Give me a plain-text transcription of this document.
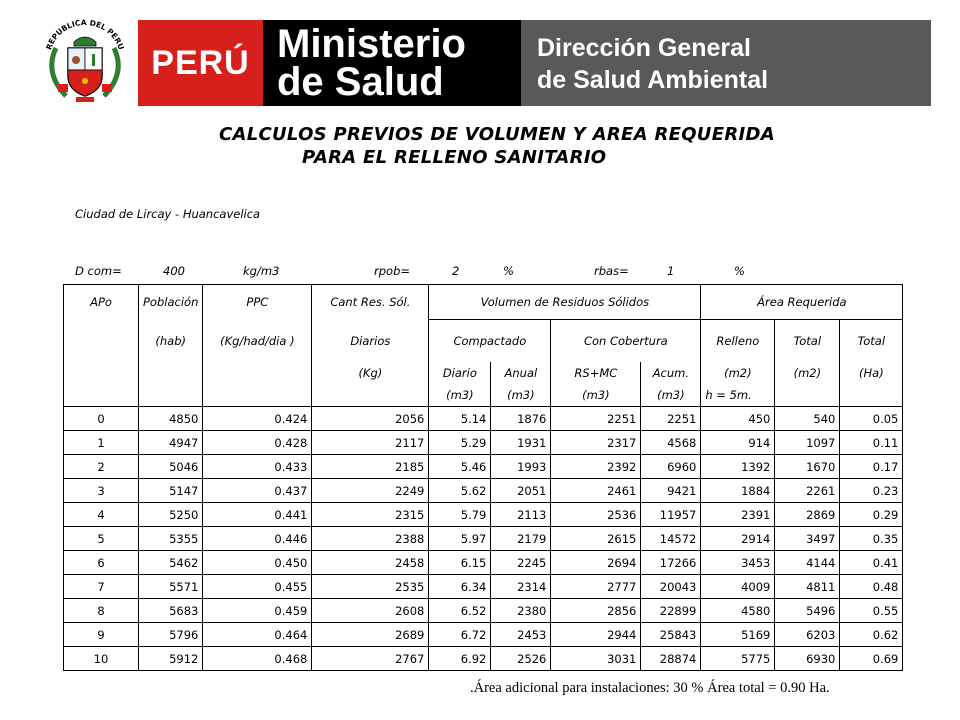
REPUBLICA DEL PERU PERÚ Ministerio
de Salud
Dirección General
de Salud Ambiental
CALCULOS PREVIOS DE VOLUMEN Y AREA REQUERIDA
PARA EL RELLENO SANITARIO
Ciudad de Lircay - Huancavelica
D com=	400	kg/m3	rpob=	2	%	rbas=	1	%
APo	Población	PPC	Cant Res. Sól.	Volumen de Residuos Sólidos				Área Requerida		
	(hab)	(Kg/had/dia )	Diarios	Compactado		Con Cobertura		Relleno	Total	Total
			(Kg)	Diario	Anual	RS+MC	Acum.	(m2)	(m2)	(Ha)
				(m3)	(m3)	(m3)	(m3)	h = 5m.		
0	4850	0.424	2056	5.14	1876	2251	2251	450	540	0.05
1	4947	0.428	2117	5.29	1931	2317	4568	914	1097	0.11
2	5046	0.433	2185	5.46	1993	2392	6960	1392	1670	0.17
3	5147	0.437	2249	5.62	2051	2461	9421	1884	2261	0.23
4	5250	0.441	2315	5.79	2113	2536	11957	2391	2869	0.29
5	5355	0.446	2388	5.97	2179	2615	14572	2914	3497	0.35
6	5462	0.450	2458	6.15	2245	2694	17266	3453	4144	0.41
7	5571	0.455	2535	6.34	2314	2777	20043	4009	4811	0.48
8	5683	0.459	2608	6.52	2380	2856	22899	4580	5496	0.55
9	5796	0.464	2689	6.72	2453	2944	25843	5169	6203	0.62
10	5912	0.468	2767	6.92	2526	3031	28874	5775	6930	0.69
.Área adicional para instalaciones: 30 % Área total = 0.90 Ha.
